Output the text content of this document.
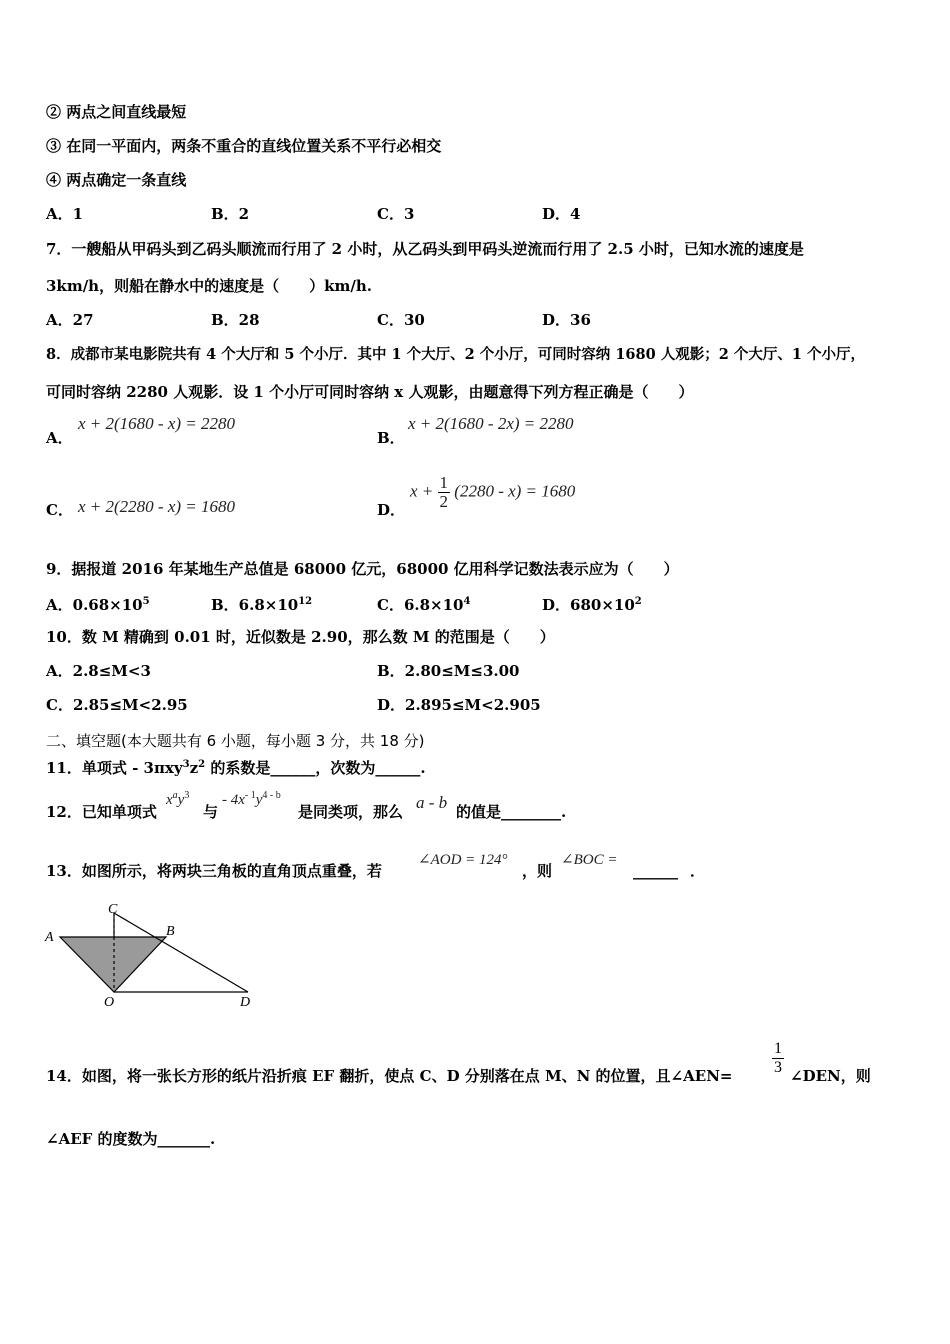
② 两点之间直线最短
③ 在同一平面内，两条不重合的直线位置关系不平行必相交
④ 两点确定一条直线
A．1	B．2	C．3	D．4
7．一艘船从甲码头到乙码头顺流而行用了 2 小时，从乙码头到甲码头逆流而行用了 2.5 小时，已知水流的速度是
3km/h，则船在静水中的速度是（　　）km/h.
A．27	B．28	C．30	D．36
8．成都市某电影院共有 4 个大厅和 5 个小厅．其中 1 个大厅、2 个小厅，可同时容纳 1680 人观影；2 个大厅、1 个小厅，
可同时容纳 2280 人观影．设 1 个小厅可同时容纳 x 人观影，由题意得下列方程正确是（　　）
A．
x + 2(1680 - x) = 2280
B．
x + 2(1680 - 2x) = 2280
C． x + 2(2280 - x) = 1680	D．
$x + \frac{1}{2} (2280 - x) = 1680$
9．据报道 2016 年某地生产总值是 68000 亿元，68000 亿用科学记数法表示应为（　　）
A．$0.68\times 10^5$	B．$6.8\times 10^{12}$	C．$6.8\times 10^4$	D．$680\times 10^2$
10．数 M 精确到 0.01 时，近似数是 2.90，那么数 M 的范围是（　　）
A．2.8≤M<3	B．2.80≤M≤3.00
C．2.85≤M<2.95	D．2.895≤M<2.905
二、填空题(本大题共有 6 小题，每小题 3 分，共 18 分)
11．单项式 - $3\pi xy^3z^2$ 的系数是______，次数为______.
12．已知单项式
$x^ay^3$
与
- $4x^{- 1}y^{4 - b}$
是同类项，那么 a - b 的值是________.
13．如图所示，将两块三角板的直角顶点重叠，若
∠AOD = 124°
，则
∠BOC =
______ ．
A
C
B
O	D
14．如图，将一张长方形的纸片沿折痕 EF 翻折，使点 C、D 分别落在点 M、N 的位置，且∠AEN= $\frac{1}{3}$ ∠DEN，则
∠AEF 的度数为_______.
